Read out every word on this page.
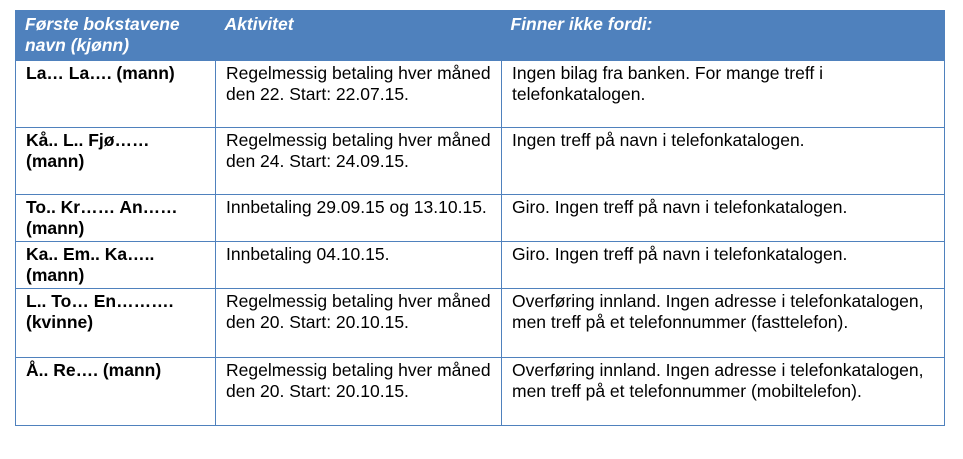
Første bokstavene navn (kjønn)	Aktivitet	Finner ikke fordi:
La… La…. (mann)	Regelmessig betaling hver måned den 22. Start: 22.07.15.	Ingen bilag fra banken. For mange treff i telefonkatalogen.
Kå.. L.. Fjø…… (mann)	Regelmessig betaling hver måned den 24. Start: 24.09.15.	Ingen treff på navn i telefonkatalogen.
To.. Kr…… An…… (mann)	Innbetaling 29.09.15 og 13.10.15.	Giro. Ingen treff på navn i telefonkatalogen.
Ka.. Em.. Ka….. (mann)	Innbetaling 04.10.15.	Giro. Ingen treff på navn i telefonkatalogen.
L.. To… En………. (kvinne)	Regelmessig betaling hver måned den 20. Start: 20.10.15.	Overføring innland. Ingen adresse i telefonkatalogen, men treff på et telefonnummer (fasttelefon).
Å.. Re…. (mann)	Regelmessig betaling hver måned den 20. Start: 20.10.15.	Overføring innland. Ingen adresse i telefonkatalogen, men treff på et telefonnummer (mobiltelefon).
